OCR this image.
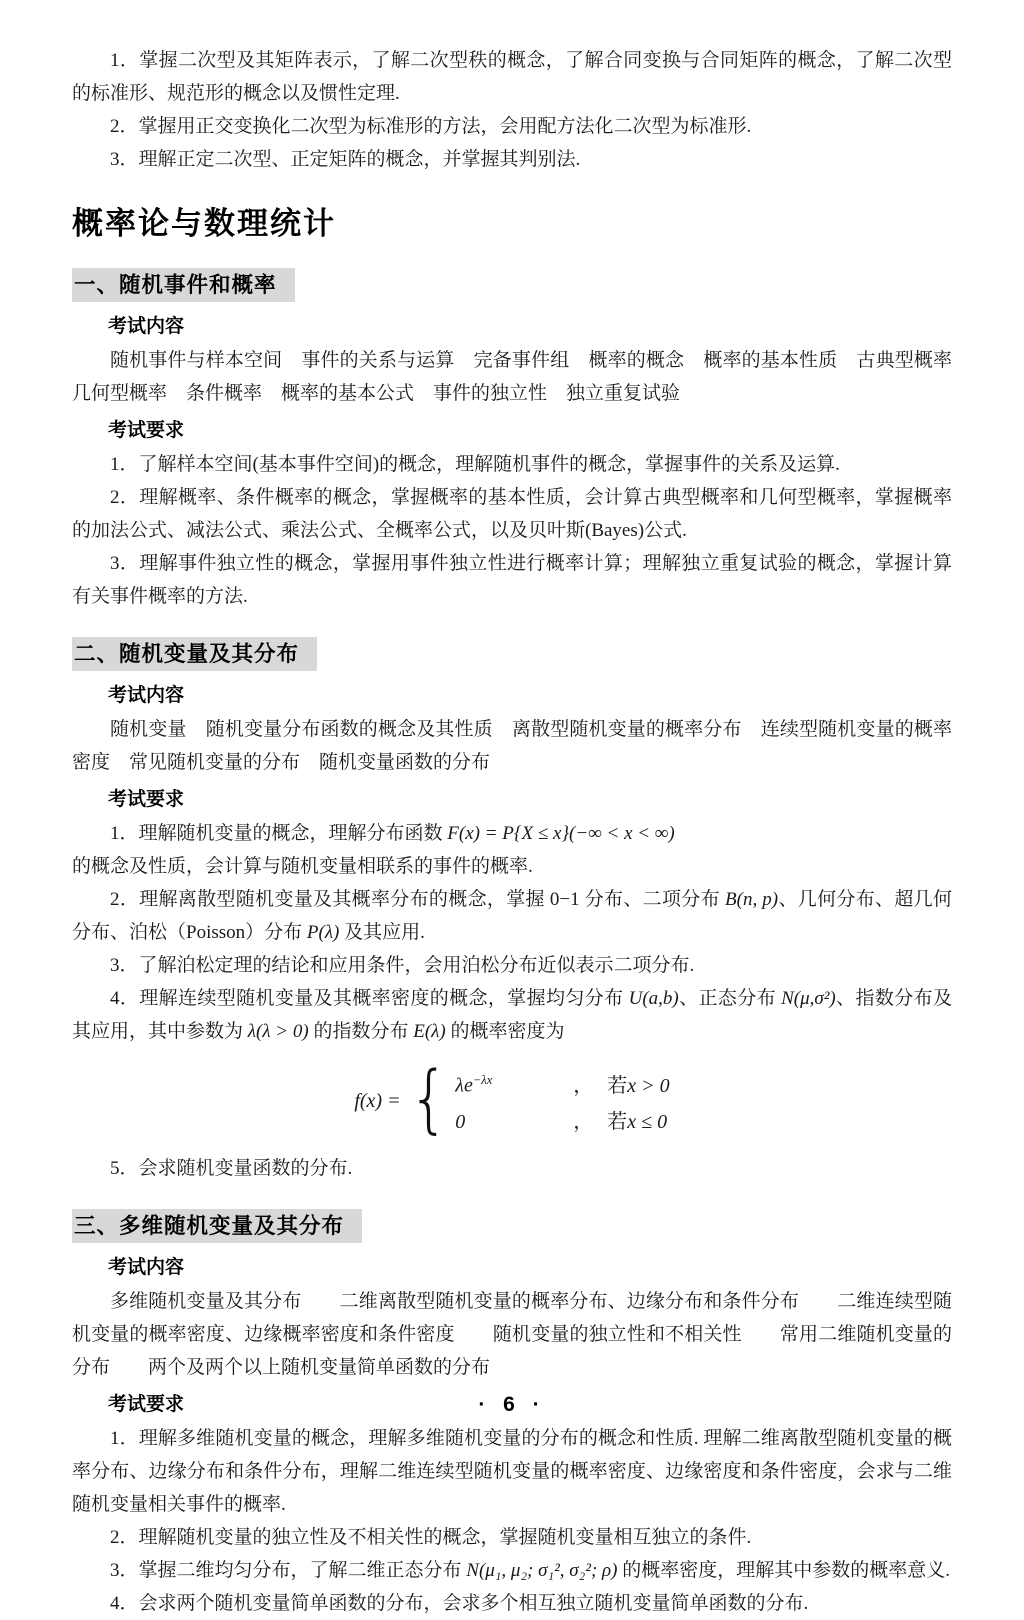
1．掌握二次型及其矩阵表示，了解二次型秩的概念，了解合同变换与合同矩阵的概念，了解二次型的标准形、规范形的概念以及惯性定理.

2．掌握用正交变换化二次型为标准形的方法，会用配方法化二次型为标准形.

3．理解正定二次型、正定矩阵的概念，并掌握其判别法.

概率论与数理统计
一、随机事件和概率
考试内容

随机事件与样本空间　事件的关系与运算　完备事件组　概率的概念　概率的基本性质　古典型概率　几何型概率　条件概率　概率的基本公式　事件的独立性　独立重复试验

考试要求

1．了解样本空间(基本事件空间)的概念，理解随机事件的概念，掌握事件的关系及运算.

2．理解概率、条件概率的概念，掌握概率的基本性质，会计算古典型概率和几何型概率，掌握概率的加法公式、减法公式、乘法公式、全概率公式，以及贝叶斯(Bayes)公式.

3．理解事件独立性的概念，掌握用事件独立性进行概率计算；理解独立重复试验的概念，掌握计算有关事件概率的方法.

二、随机变量及其分布
考试内容

随机变量　随机变量分布函数的概念及其性质　离散型随机变量的概率分布　连续型随机变量的概率密度　常见随机变量的分布　随机变量函数的分布

考试要求

1．理解随机变量的概念，理解分布函数 F(x) = P{X ≤ x}(−∞ < x < ∞)

的概念及性质，会计算与随机变量相联系的事件的概率.

2．理解离散型随机变量及其概率分布的概念，掌握 0−1 分布、二项分布 B(n, p)、几何分布、超几何分布、泊松（Poisson）分布 P(λ) 及其应用.

3．了解泊松定理的结论和应用条件，会用泊松分布近似表示二项分布.

4．理解连续型随机变量及其概率密度的概念，掌握均匀分布 U(a,b)、正态分布 N(μ,σ²)、指数分布及其应用，其中参数为 λ(λ > 0) 的指数分布 E(λ) 的概率密度为

f(x) = { $\lambda e^{-\lambda x}$	， 若 x > 0
0	， 若 x ≤ 0

5．会求随机变量函数的分布.

三、多维随机变量及其分布
考试内容

多维随机变量及其分布　　二维离散型随机变量的概率分布、边缘分布和条件分布　　二维连续型随机变量的概率密度、边缘概率密度和条件密度　　随机变量的独立性和不相关性　　常用二维随机变量的分布　　两个及两个以上随机变量简单函数的分布

考试要求

1．理解多维随机变量的概念，理解多维随机变量的分布的概念和性质. 理解二维离散型随机变量的概率分布、边缘分布和条件分布，理解二维连续型随机变量的概率密度、边缘密度和条件密度，会求与二维随机变量相关事件的概率.

2．理解随机变量的独立性及不相关性的概念，掌握随机变量相互独立的条件.

3．掌握二维均匀分布，了解二维正态分布 N(μ₁, μ₂; σ₁², σ₂²; ρ) 的概率密度，理解其中参数的概率意义.

4．会求两个随机变量简单函数的分布，会求多个相互独立随机变量简单函数的分布.

· 6 ·
